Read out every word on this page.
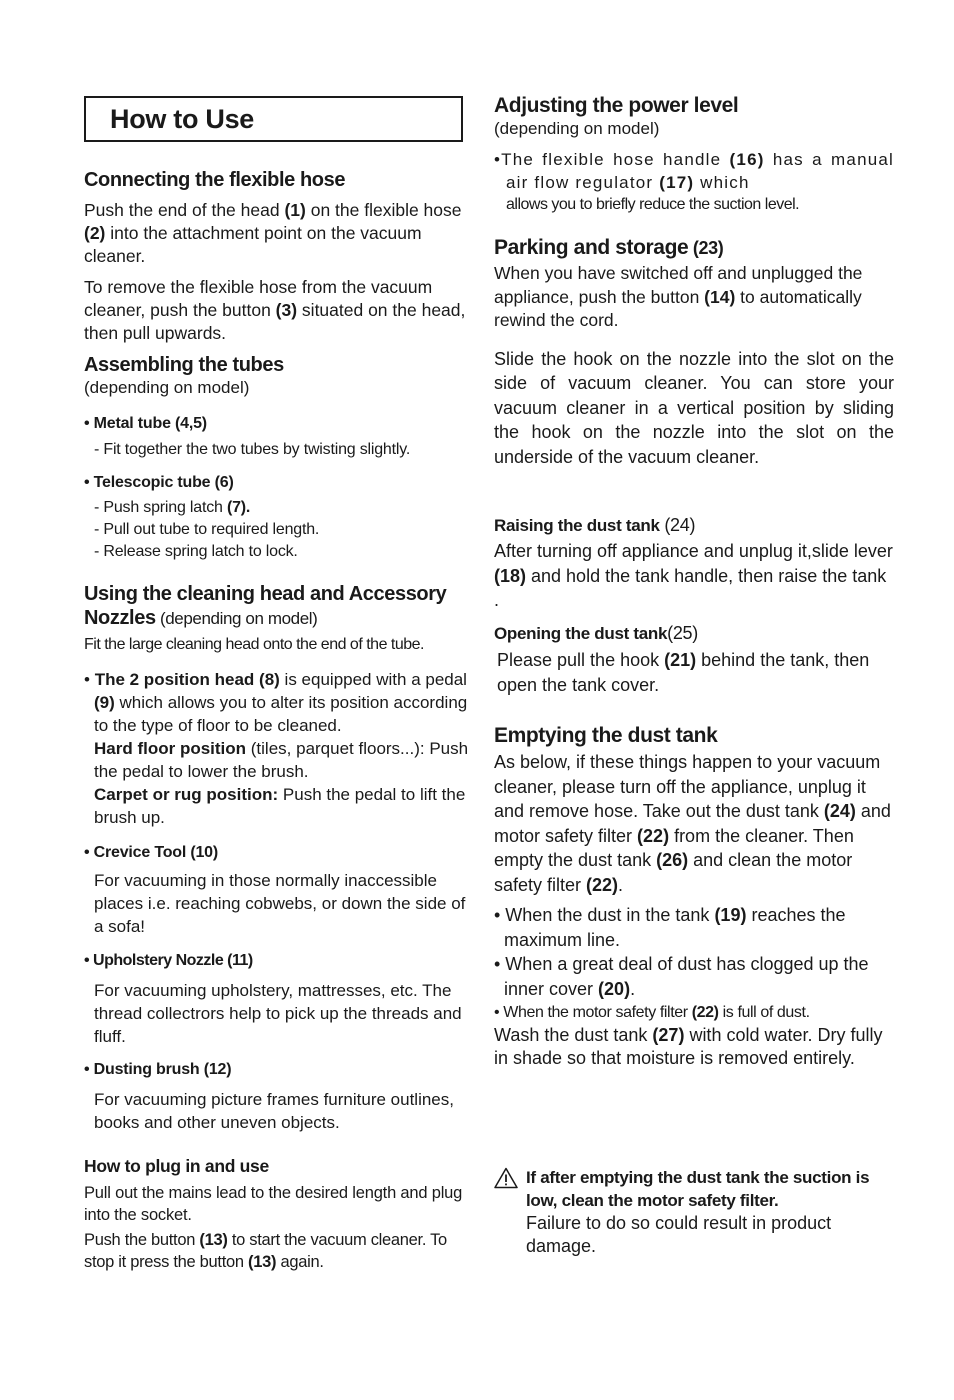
How to Use
Connecting the flexible hose

Push the end of the head (1) on the flexible hose (2) into the attachment point on the vacuum cleaner.

To remove the flexible hose from the vacuum cleaner, push the button (3) situated on the head, then pull upwards.

Assembling the tubes

(depending on model)

• Metal tube (4,5)

- Fit together the two tubes by twisting slightly.

• Telescopic tube (6)

- Push spring latch (7).

- Pull out tube to required length.

- Release spring latch to lock.

Using the cleaning head and Accessory
Nozzles (depending on model)

Fit the large cleaning head onto the end of the tube.

• The 2 position head (8) is equipped with a pedal (9) which allows you to alter its position according to the type of floor to be cleaned.

Hard floor position (tiles, parquet floors...): Push the pedal to lower the brush.

Carpet or rug position: Push the pedal to lift the brush up.

• Crevice Tool (10)

For vacuuming in those normally inaccessible places i.e. reaching cobwebs, or down the side of a sofa!

• Upholstery Nozzle (11)

For vacuuming upholstery, mattresses, etc. The thread collectrors help to pick up the threads and fluff.

• Dusting brush (12)

For vacuuming picture frames furniture outlines, books and other uneven objects.

How to plug in and use

Pull out the mains lead to the desired length and plug into the socket.

Push the button (13) to start the vacuum cleaner. To stop it press the button (13) again.

Adjusting the power level

(depending on model)

•The flexible hose handle (16) has a manual air flow regulator (17) which

allows you to briefly reduce the suction level.

Parking and storage (23)

When you have switched off and unplugged the appliance, push the button (14) to automatically rewind the cord.

Slide the hook on the nozzle into the slot on the side of vacuum cleaner. You can store your vacuum cleaner in a vertical position by sliding the hook on the nozzle into the slot on the underside of the vacuum cleaner.

Raising the dust tank (24)

After turning off appliance and unplug it,slide lever (18) and hold the tank handle, then raise the tank .

Opening the dust tank(25)

Please pull the hook (21) behind the tank, then open the tank cover.

Emptying the dust tank

As below, if these things happen to your vacuum cleaner, please turn off the appliance, unplug it and remove hose. Take out the dust tank (24) and motor safety filter (22) from the cleaner. Then empty the dust tank (26) and clean the motor safety filter (22).

• When the dust in the tank (19) reaches the maximum line.

• When a great deal of dust has clogged up the inner cover (20).

• When the motor safety filter (22) is full of dust.

Wash the dust tank (27) with cold water. Dry fully in shade so that moisture is removed entirely.

If after emptying the dust tank the suction is low, clean the motor safety filter.

Failure to do so could result in product damage.
